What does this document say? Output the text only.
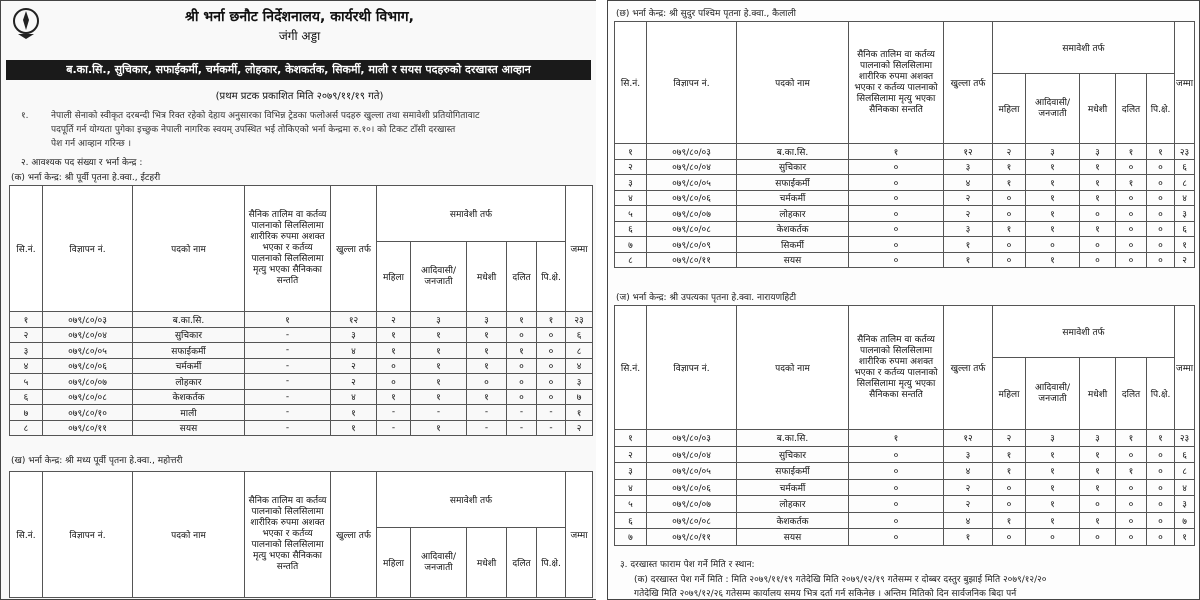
श्री भर्ना छनौट निर्देशनालय, कार्यरथी विभाग,
जंगी अड्डा
ब.का.सि., सुचिकार, सफाईकर्मी, चर्मकर्मी, लोहकार, केशकर्तक, सिकर्मी, माली र सयस पदहरुको दरखास्त आव्हान
(प्रथम प्रटक प्रकाशित मिति २०७९/११/१९ गते)
१.	नेपाली सेनाको स्वीकृत दरबन्दी भित्र रिक्त रहेको देहाय अनुसारका विभिन्न ट्रेडका फलोअर्स पदहरु खुल्ला तथा समावेशी प्रतियोगितावाट
पदपूर्ति गर्न योग्यता पुगेका इच्छुक नेपाली नागरिक स्वयम् उपस्थित भई तोकिएको भर्ना केन्द्रमा रु.१०। को टिकट टाँसी दरखास्त
पेश गर्न आव्हान गरिन्छ ।
२. आवश्यक पद संख्या र भर्ना केन्द्र :
(क) भर्ना केन्द्र: श्री पूर्वी पृतना हे.क्वा., ईटहरी
सि.नं.	विज्ञापन नं.	पदको नाम	सैनिक तालिम वा कर्तव्य पालनाको सिलसिलामा शारीरिक रुपमा अशक्त भएका र कर्तव्य पालनाको सिलसिलामा मृत्यु भएका सैनिकका सन्तति	खुल्ला तर्फ	समावेशी तर्फ					जम्मा
					महिला	आदिवासी/ जनजाती	मधेशी	दलित	पि.क्षे.	
१	०७९/८०/०३	ब.का.सि.	१	१२	२	३	३	१	१	२३
२	०७९/८०/०४	सुचिकार	-	३	१	१	१	०	०	६
३	०७९/८०/०५	सफाईकर्मी	-	४	१	१	१	१	०	८
४	०७९/८०/०६	चर्मकर्मी	-	२	०	१	१	०	०	४
५	०७९/८०/०७	लोहकार	-	२	०	१	०	०	०	३
६	०७९/८०/०८	केशकर्तक	-	४	१	१	१	०	०	७
७	०७९/८०/१०	माली	-	१	-	-	-	-	-	१
८	०७९/८०/११	सयस	-	१	-	१	-	-	-	२
(ख) भर्ना केन्द्र: श्री मध्य पूर्वी पृतना हे.क्वा., महोत्तरी
सि.नं.	विज्ञापन नं.	पदको नाम	सैनिक तालिम वा कर्तव्य पालनाको सिलसिलामा शारीरिक रुपमा अशक्त भएका र कर्तव्य पालनाको सिलसिलामा मृत्यु भएका सैनिकका सन्तति	खुल्ला तर्फ	समावेशी तर्फ					जम्मा
					महिला	आदिवासी/ जनजाती	मधेशी	दलित	पि.क्षे.	
(छ) भर्ना केन्द्र: श्री सुदुर पश्चिम पृतना हे.क्वा., कैलाली
सि.नं.	विज्ञापन नं.	पदको नाम	सैनिक तालिम वा कर्तव्य पालनाको सिलसिलामा शारीरिक रुपमा अशक्त भएका र कर्तव्य पालनाको सिलसिलामा मृत्यु भएका सैनिकका सन्तति	खुल्ला तर्फ	समावेशी तर्फ					जम्मा
					महिला	आदिवासी/ जनजाती	मधेशी	दलित	पि.क्षे.	
१	०७९/८०/०३	ब.का.सि.	१	१२	२	३	३	१	१	२३
२	०७९/८०/०४	सुचिकार	०	३	१	१	१	०	०	६
३	०७९/८०/०५	सफाईकर्मी	०	४	१	१	१	१	०	८
४	०७९/८०/०६	चर्मकर्मी	०	२	०	१	१	०	०	४
५	०७९/८०/०७	लोहकार	०	२	०	१	०	०	०	३
६	०७९/८०/०८	केशकर्तक	०	३	१	१	१	०	०	६
७	०७९/८०/०९	सिकर्मी	०	१	०	०	०	०	०	१
८	०७९/८०/११	सयस	०	१	०	१	०	०	०	२
(ज) भर्ना केन्द्र: श्री उपत्यका पृतना हे.क्वा. नारायणहिटी
सि.नं.	विज्ञापन नं.	पदको नाम	सैनिक तालिम वा कर्तव्य पालनाको सिलसिलामा शारीरिक रुपमा अशक्त भएका र कर्तव्य पालनाको सिलसिलामा मृत्यु भएका सैनिकका सन्तति	खुल्ला तर्फ	समावेशी तर्फ					जम्मा
					महिला	आदिवासी/ जनजाती	मधेशी	दलित	पि.क्षे.	
१	०७९/८०/०३	ब.का.सि.	१	१२	२	३	३	१	१	२३
२	०७९/८०/०४	सुचिकार	०	३	१	१	१	०	०	६
३	०७९/८०/०५	सफाईकर्मी	०	४	१	१	१	१	०	८
४	०७९/८०/०६	चर्मकर्मी	०	२	०	१	१	०	०	४
५	०७९/८०/०७	लोहकार	०	२	०	१	०	०	०	३
६	०७९/८०/०८	केशकर्तक	०	४	१	१	१	०	०	७
७	०७९/८०/११	सयस	०	१	०	०	०	०	०	१
३. दरखास्त फाराम पेश गर्ने मिति र स्थान:
(क) दरखास्त पेश गर्ने मिति : मिति २०७९/११/१९ गतेदेखि मिति २०७९/१२/१९ गतेसम्म र दोब्बर दस्तुर बुझाई मिति २०७९/१२/२०
गतेदेखि मिति २०७९/१२/२६ गतेसम्म कार्यालय समय भित्र दर्ता गर्न सकिनेछ । अन्तिम मितिको दिन सार्वजनिक बिदा पर्न
